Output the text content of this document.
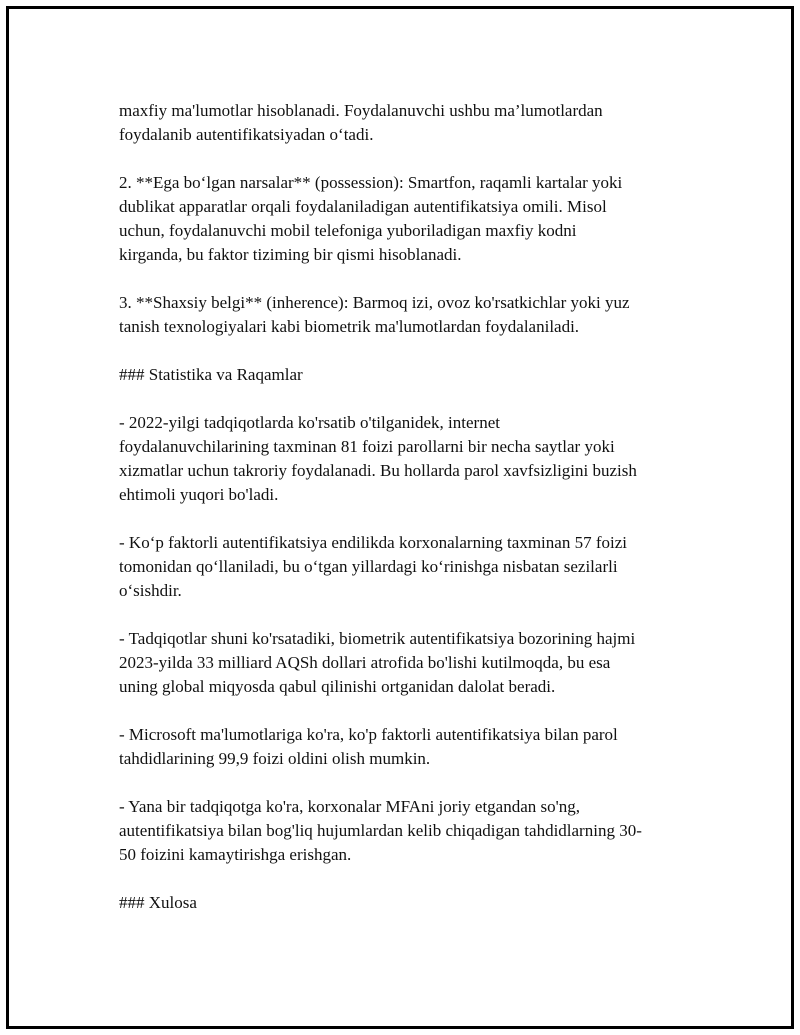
maxfiy ma'lumotlar hisoblanadi. Foydalanuvchi ushbu ma’lumotlardan
foydalanib autentifikatsiyadan o‘tadi.

2. **Ega bo‘lgan narsalar** (possession): Smartfon, raqamli kartalar yoki
dublikat apparatlar orqali foydalaniladigan autentifikatsiya omili. Misol
uchun, foydalanuvchi mobil telefoniga yuboriladigan maxfiy kodni
kirganda, bu faktor tiziming bir qismi hisoblanadi.

3. **Shaxsiy belgi** (inherence): Barmoq izi, ovoz ko'rsatkichlar yoki yuz
tanish texnologiyalari kabi biometrik ma'lumotlardan foydalaniladi.

### Statistika va Raqamlar

- 2022-yilgi tadqiqotlarda ko'rsatib o'tilganidek, internet
foydalanuvchilarining taxminan 81 foizi parollarni bir necha saytlar yoki
xizmatlar uchun takroriy foydalanadi. Bu hollarda parol xavfsizligini buzish
ehtimoli yuqori bo'ladi.

- Ko‘p faktorli autentifikatsiya endilikda korxonalarning taxminan 57 foizi
tomonidan qo‘llaniladi, bu o‘tgan yillardagi ko‘rinishga nisbatan sezilarli
o‘sishdir.

- Tadqiqotlar shuni ko'rsatadiki, biometrik autentifikatsiya bozorining hajmi
2023-yilda 33 milliard AQSh dollari atrofida bo'lishi kutilmoqda, bu esa
uning global miqyosda qabul qilinishi ortganidan dalolat beradi.

- Microsoft ma'lumotlariga ko'ra, ko'p faktorli autentifikatsiya bilan parol
tahdidlarining 99,9 foizi oldini olish mumkin.

- Yana bir tadqiqotga ko'ra, korxonalar MFAni joriy etgandan so'ng,
autentifikatsiya bilan bog'liq hujumlardan kelib chiqadigan tahdidlarning 30-
50 foizini kamaytirishga erishgan.

### Xulosa
